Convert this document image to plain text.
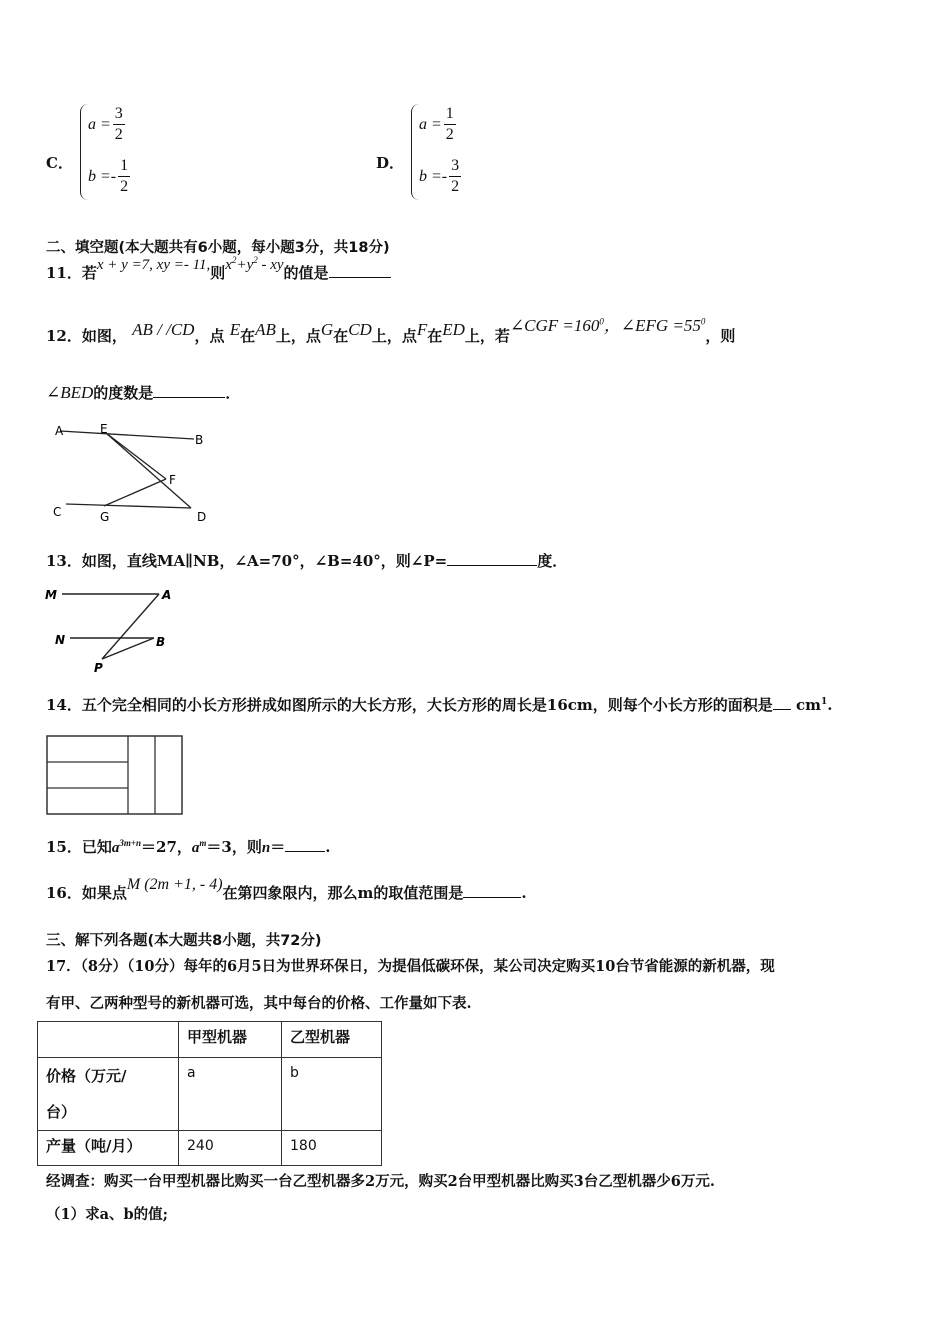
C．
$a = \frac{3}{2}$
$b =- \frac{1}{2}$	D．
$a = \frac{1}{2}$
$b =- \frac{3}{2}$
二、填空题(本大题共有6小题，每小题3分，共18分)
11．若x + y =7, xy =- 11,则$x^2+y^2$ - xy的值是
12．如图， AB / /CD，点 E在AB上，点G在CD上，点F在ED上，若∠CGF $=160^0$，∠EFG $=55^0$，则
∠BED的度数是	．
A	E
B
F
C	G	D
13．如图，直线MA∥NB，∠A=70°，∠B=40°，则∠P=	度．
M	A
N	B
P
14．五个完全相同的小长方形拼成如图所示的大长方形，大长方形的周长是16cm，则每个小长方形的面积是 $cm^1$.
15．已知$a^{3m+n}=27$，$a^m=3$，则n＝	.
16．如果点M (2m +1, - 4)在第四象限内，那么m的取值范围是	.
三、解下列各题(本大题共8小题，共72分)
17．（8分）（10分）每年的6月5日为世界环保日，为提倡低碳环保，某公司决定购买10台节省能源的新机器，现
有甲、乙两种型号的新机器可选，其中每台的价格、工作量如下表.
	甲型机器	乙型机器

价格（万元/
台）	a	b
产量（吨/月）	240	180
经调查：购买一台甲型机器比购买一台乙型机器多2万元，购买2台甲型机器比购买3台乙型机器少6万元.
（1）求a、b的值;
